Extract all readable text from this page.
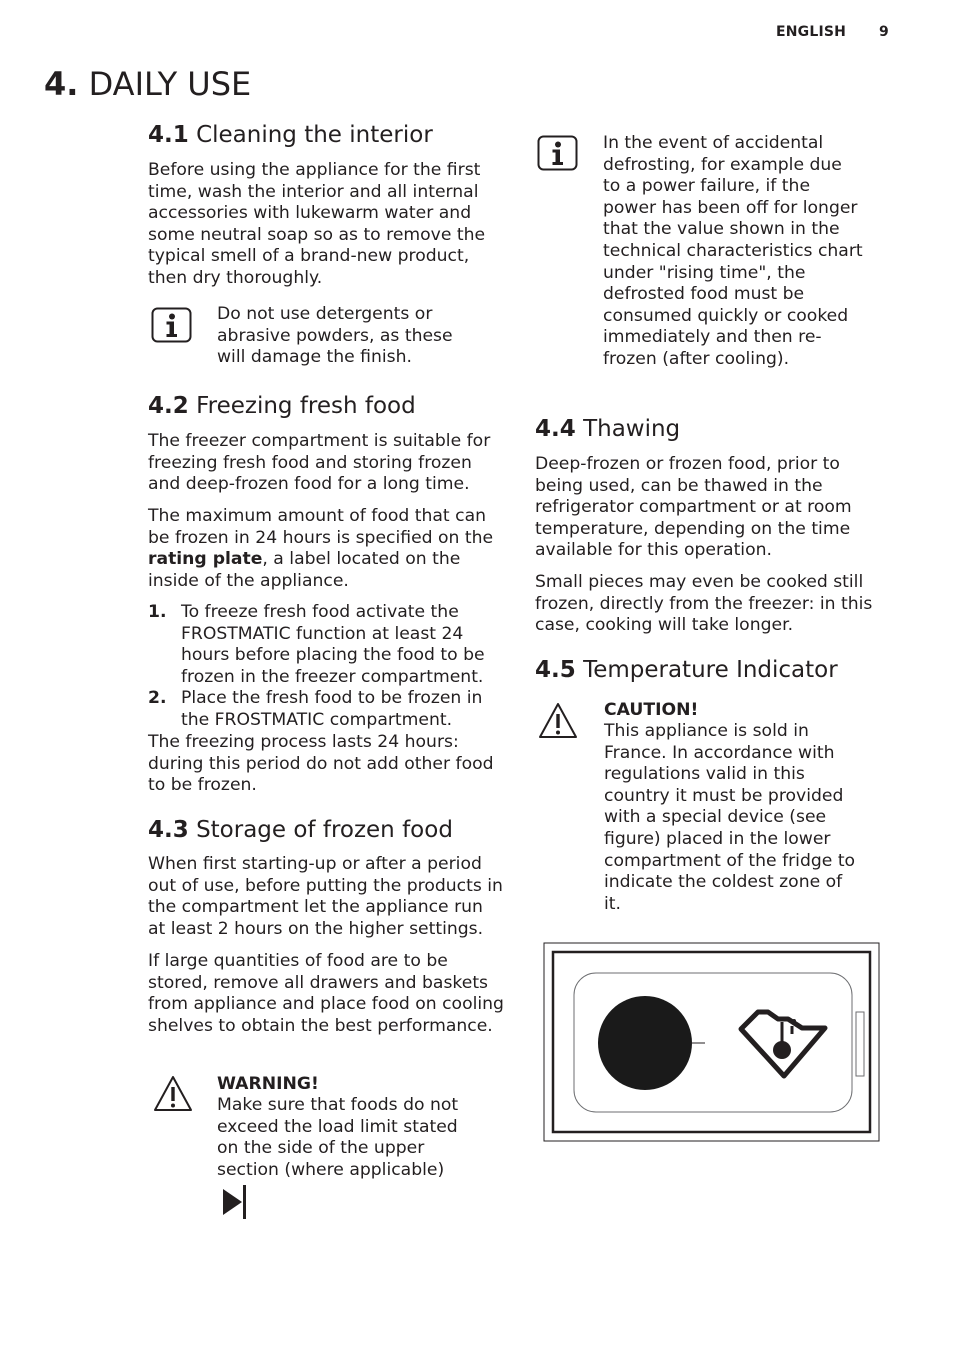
ENGLISH 9
4. DAILY USE
4.1 Cleaning the interior

Before using the appliance for the first time, wash the interior and all internal accessories with lukewarm water and some neutral soap so as to remove the typical smell of a brand-new product, then dry thoroughly.

Do not use detergents or abrasive powders, as these will damage the finish.

4.2 Freezing fresh food

The freezer compartment is suitable for freezing fresh food and storing frozen and deep-frozen food for a long time.

The maximum amount of food that can be frozen in 24 hours is specified on the rating plate, a label located on the inside of the appliance.

1. To freeze fresh food activate the FROSTMATIC function at least 24 hours before placing the food to be frozen in the freezer compartment.
2. Place the fresh food to be frozen in the FROSTMATIC compartment.

The freezing process lasts 24 hours: during this period do not add other food to be frozen.

4.3 Storage of frozen food

When first starting-up or after a period out of use, before putting the products in the compartment let the appliance run at least 2 hours on the higher settings.

If large quantities of food are to be stored, remove all drawers and baskets from appliance and place food on cooling shelves to obtain the best performance.

WARNING!

Make sure that foods do not exceed the load limit stated on the side of the upper section (where applicable)

In the event of accidental defrosting, for example due to a power failure, if the power has been off for longer that the value shown in the technical characteristics chart under "rising time", the defrosted food must be consumed quickly or cooked immediately and then re-frozen (after cooling).

4.4 Thawing

Deep-frozen or frozen food, prior to being used, can be thawed in the refrigerator compartment or at room temperature, depending on the time available for this operation.

Small pieces may even be cooked still frozen, directly from the freezer: in this case, cooking will take longer.

4.5 Temperature Indicator
CAUTION!

This appliance is sold in France. In accordance with regulations valid in this country it must be provided with a special device (see figure) placed in the lower compartment of the fridge to indicate the coldest zone of it.
